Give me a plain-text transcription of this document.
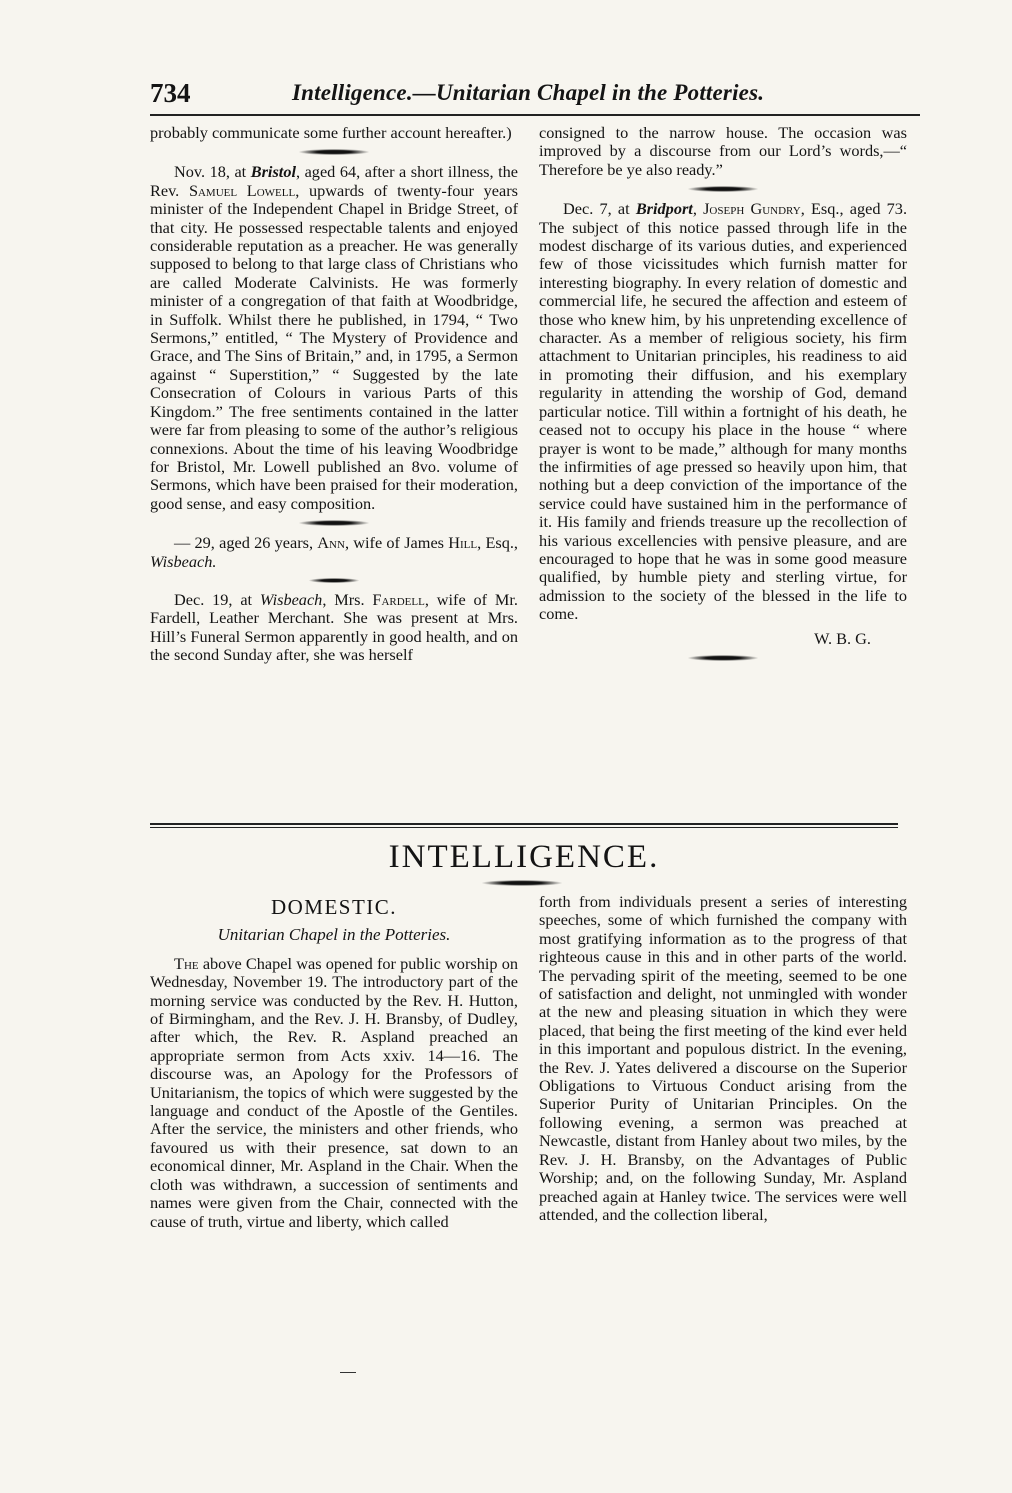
734	Intelligence.—Unitarian Chapel in the Potteries.

probably communicate some further account hereafter.)

Nov. 18, at Bristol, aged 64, after a short illness, the Rev. Samuel Lowell, upwards of twenty-four years minister of the Independent Chapel in Bridge Street, of that city. He possessed respectable talents and enjoyed considerable reputation as a preacher. He was generally supposed to belong to that large class of Christians who are called Moderate Calvinists. He was formerly minister of a congregation of that faith at Woodbridge, in Suffolk. Whilst there he published, in 1794, “ Two Sermons,” entitled, “ The Mystery of Providence and Grace, and The Sins of Britain,” and, in 1795, a Sermon against “ Superstition,” “ Suggested by the late Consecration of Colours in various Parts of this Kingdom.” The free sentiments contained in the latter were far from pleasing to some of the author’s religious connexions. About the time of his leaving Woodbridge for Bristol, Mr. Lowell published an 8vo. volume of Sermons, which have been praised for their moderation, good sense, and easy composition.

— 29, aged 26 years, Ann, wife of James Hill, Esq., Wisbeach.

Dec. 19, at Wisbeach, Mrs. Fardell, wife of Mr. Fardell, Leather Merchant. She was present at Mrs. Hill’s Funeral Sermon apparently in good health, and on the second Sunday after, she was herself

consigned to the narrow house. The occasion was improved by a discourse from our Lord’s words,—“ Therefore be ye also ready.”

Dec. 7, at Bridport, Joseph Gundry, Esq., aged 73. The subject of this notice passed through life in the modest discharge of its various duties, and experienced few of those vicissitudes which furnish matter for interesting biography. In every relation of domestic and commercial life, he secured the affection and esteem of those who knew him, by his unpretending excellence of character. As a member of religious society, his firm attachment to Unitarian principles, his readiness to aid in promoting their diffusion, and his exemplary regularity in attending the worship of God, demand particular notice. Till within a fortnight of his death, he ceased not to occupy his place in the house “ where prayer is wont to be made,” although for many months the infirmities of age pressed so heavily upon him, that nothing but a deep conviction of the importance of the service could have sustained him in the performance of it. His family and friends treasure up the recollection of his various excellencies with pensive pleasure, and are encouraged to hope that he was in some good measure qualified, by humble piety and sterling virtue, for admission to the society of the blessed in the life to come.

W. B. G.

INTELLIGENCE.
DOMESTIC.
Unitarian Chapel in the Potteries.

The above Chapel was opened for public worship on Wednesday, November 19. The introductory part of the morning service was conducted by the Rev. H. Hutton, of Birmingham, and the Rev. J. H. Bransby, of Dudley, after which, the Rev. R. Aspland preached an appropriate sermon from Acts xxiv. 14—16. The discourse was, an Apology for the Professors of Unitarianism, the topics of which were suggested by the language and conduct of the Apostle of the Gentiles. After the service, the ministers and other friends, who favoured us with their presence, sat down to an economical dinner, Mr. Aspland in the Chair. When the cloth was withdrawn, a succession of sentiments and names were given from the Chair, connected with the cause of truth, virtue and liberty, which called

forth from individuals present a series of interesting speeches, some of which furnished the company with most gratifying information as to the progress of that righteous cause in this and in other parts of the world. The pervading spirit of the meeting, seemed to be one of satisfaction and delight, not unmingled with wonder at the new and pleasing situation in which they were placed, that being the first meeting of the kind ever held in this important and populous district. In the evening, the Rev. J. Yates delivered a discourse on the Superior Obligations to Virtuous Conduct arising from the Superior Purity of Unitarian Principles. On the following evening, a sermon was preached at Newcastle, distant from Hanley about two miles, by the Rev. J. H. Bransby, on the Advantages of Public Worship; and, on the following Sunday, Mr. Aspland preached again at Hanley twice. The services were well attended, and the collection liberal,
